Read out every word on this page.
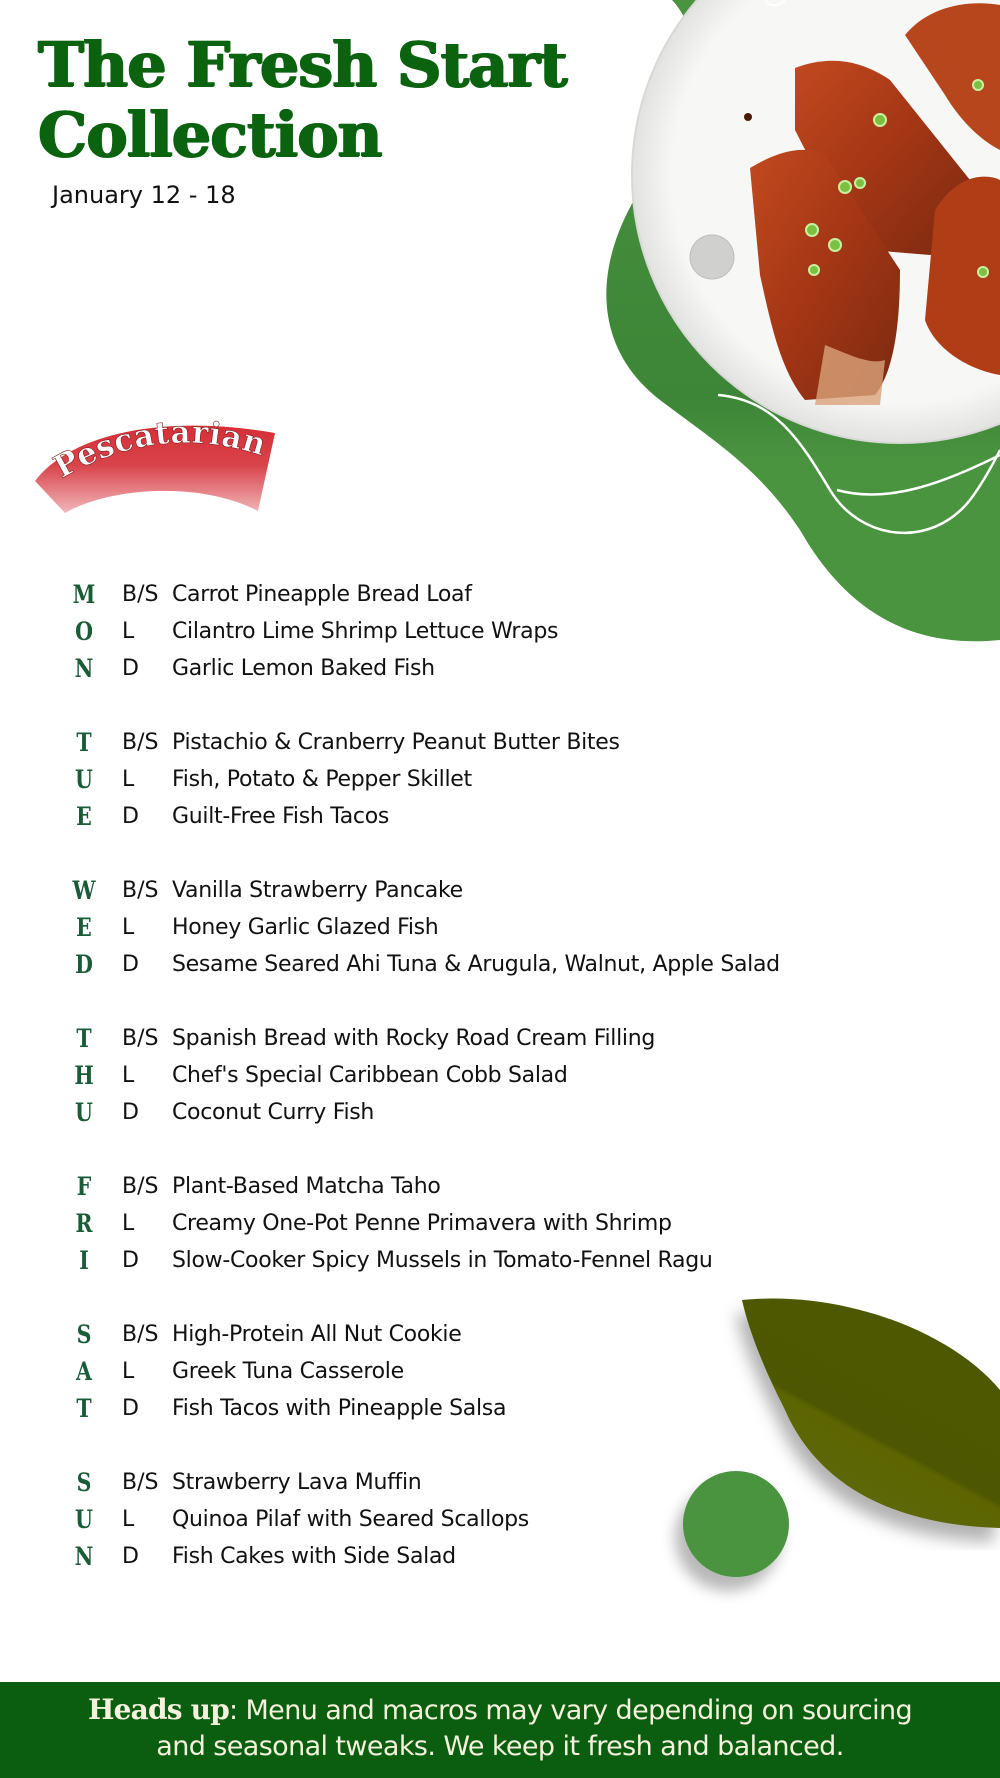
The Fresh Start
Collection
January 12 - 18
Pescatarian
M B/S Carrot Pineapple Bread Loaf
O	L Cilantro Lime Shrimp Lettuce Wraps
N	D Garlic Lemon Baked Fish
T	B/S Pistachio & Cranberry Peanut Butter Bites
U	L Fish, Potato & Pepper Skillet
E	D Guilt-Free Fish Tacos
W B/S Vanilla Strawberry Pancake
E	L Honey Garlic Glazed Fish
D	D Sesame Seared Ahi Tuna & Arugula, Walnut, Apple Salad
T	B/S Spanish Bread with Rocky Road Cream Filling
H	L Chef's Special Caribbean Cobb Salad
U	D Coconut Curry Fish
F	B/S Plant-Based Matcha Taho
R	L Creamy One-Pot Penne Primavera with Shrimp
I	D Slow-Cooker Spicy Mussels in Tomato-Fennel Ragu
S	B/S High-Protein All Nut Cookie
A	L Greek Tuna Casserole
T	D Fish Tacos with Pineapple Salsa
S	B/S Strawberry Lava Muffin
U	L Quinoa Pilaf with Seared Scallops
N	D Fish Cakes with Side Salad

Heads up: Menu and macros may vary depending on sourcing

and seasonal tweaks. We keep it fresh and balanced.
